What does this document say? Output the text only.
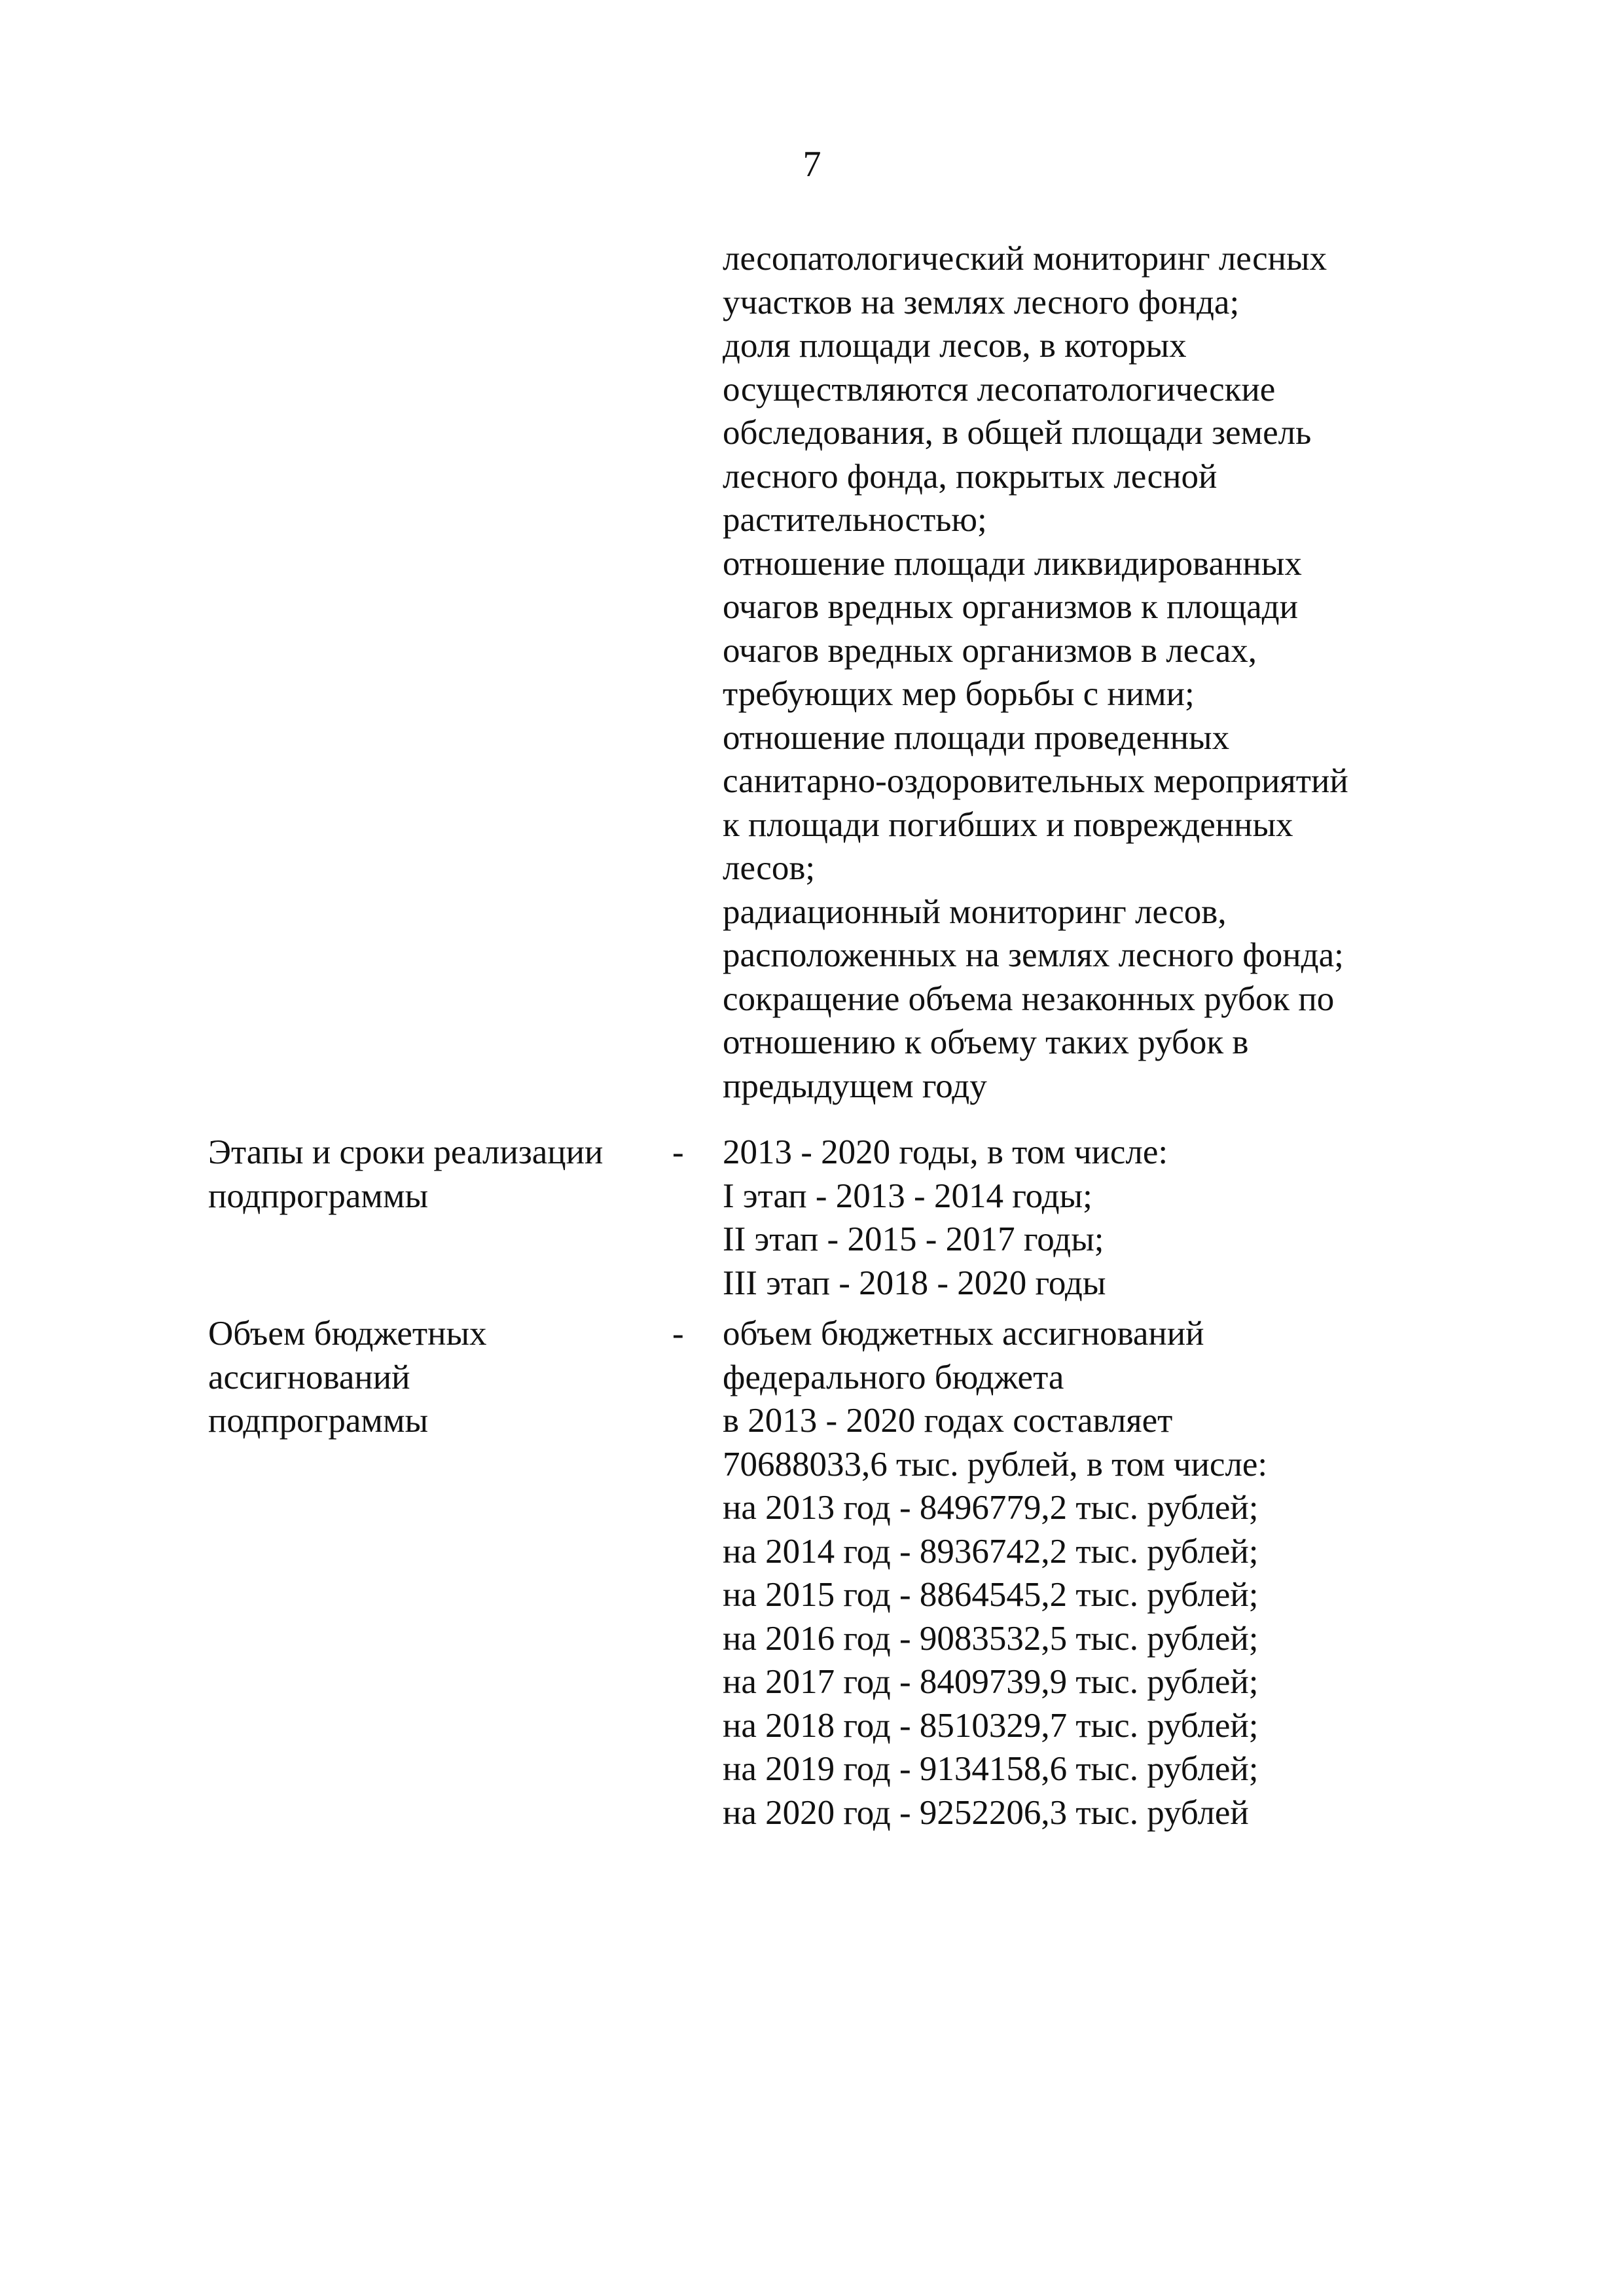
7
лесопатологический мониторинг лесных
участков на землях лесного фонда;
доля площади лесов, в которых
осуществляются лесопатологические
обследования, в общей площади земель
лесного фонда, покрытых лесной
растительностью;
отношение площади ликвидированных
очагов вредных организмов к площади
очагов вредных организмов в лесах,
требующих мер борьбы с ними;
отношение площади проведенных
санитарно-оздоровительных мероприятий
к площади погибших и поврежденных
лесов;
радиационный мониторинг лесов,
расположенных на землях лесного фонда;
сокращение объема незаконных рубок по
отношению к объему таких рубок в
предыдущем году
Этапы и сроки реализации
подпрограммы
-	2013 - 2020 годы, в том числе:
I этап - 2013 - 2014 годы;
II этап - 2015 - 2017 годы;
III этап - 2018 - 2020 годы
Объем бюджетных
ассигнований
подпрограммы
-	объем бюджетных ассигнований
федерального бюджета
в 2013 - 2020 годах составляет
70688033,6 тыс. рублей, в том числе:
на 2013 год - 8496779,2 тыс. рублей;
на 2014 год - 8936742,2 тыс. рублей;
на 2015 год - 8864545,2 тыс. рублей;
на 2016 год - 9083532,5 тыс. рублей;
на 2017 год - 8409739,9 тыс. рублей;
на 2018 год - 8510329,7 тыс. рублей;
на 2019 год - 9134158,6 тыс. рублей;
на 2020 год - 9252206,3 тыс. рублей
